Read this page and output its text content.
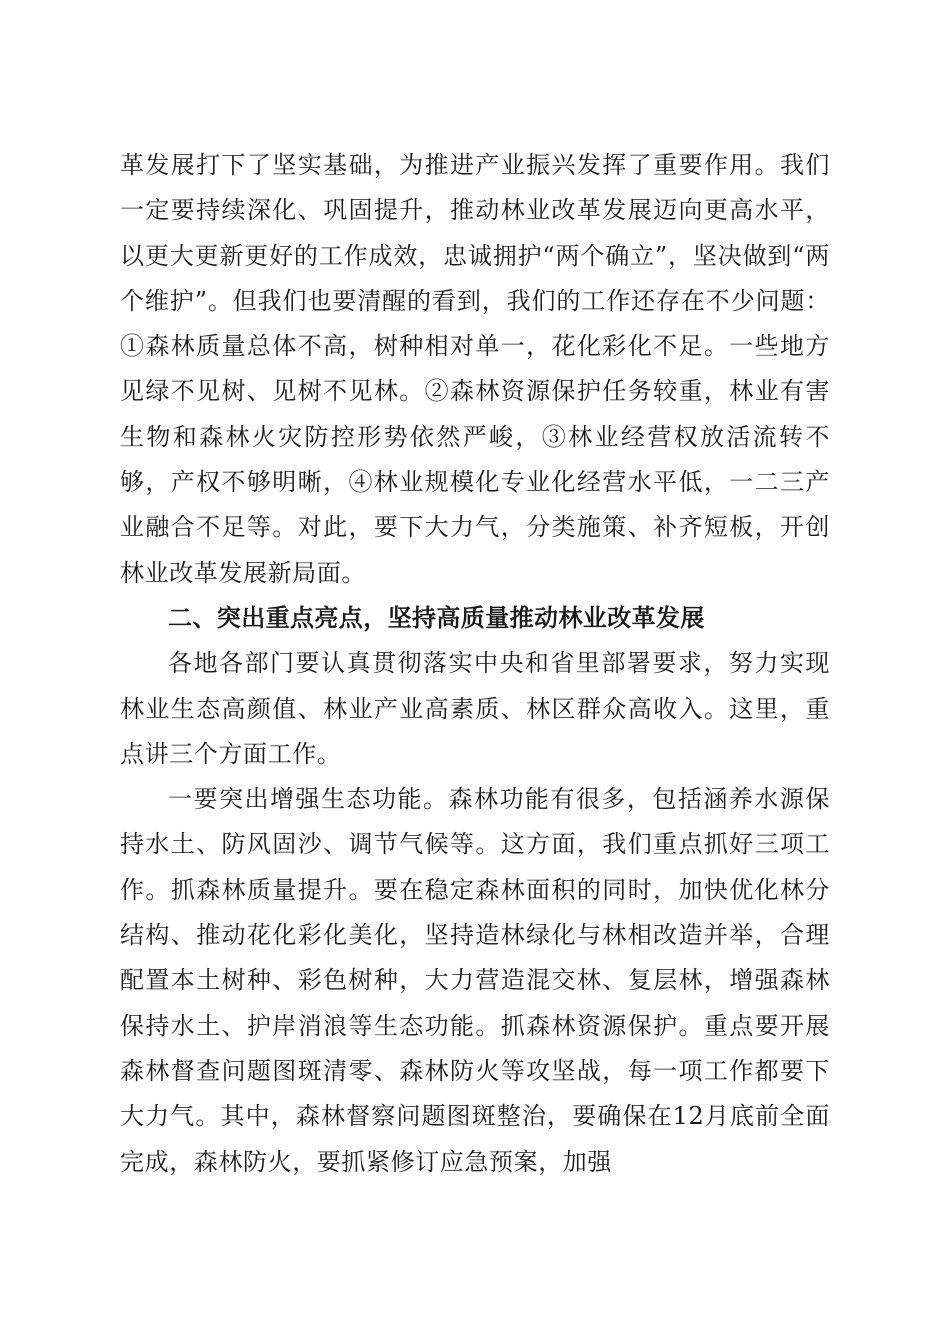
革发展打下了坚实基础，为推进产业振兴发挥了重要作用。我们一定要持续深化、巩固提升，推动林业改革发展迈向更高水平，以更大更新更好的工作成效，忠诚拥护“两个确立”，坚决做到“两个维护”。但我们也要清醒的看到，我们的工作还存在不少问题：①森林质量总体不高，树种相对单一，花化彩化不足。一些地方见绿不见树、见树不见林。②森林资源保护任务较重，林业有害生物和森林火灾防控形势依然严峻，③林业经营权放活流转不够，产权不够明晰，④林业规模化专业化经营水平低，一二三产业融合不足等。对此，要下大力气，分类施策、补齐短板，开创林业改革发展新局面。

二、突出重点亮点，坚持高质量推动林业改革发展

各地各部门要认真贯彻落实中央和省里部署要求，努力实现林业生态高颜值、林业产业高素质、林区群众高收入。这里，重点讲三个方面工作。

一要突出增强生态功能。森林功能有很多，包括涵养水源保持水土、防风固沙、调节气候等。这方面，我们重点抓好三项工作。抓森林质量提升。要在稳定森林面积的同时，加快优化林分结构、推动花化彩化美化，坚持造林绿化与林相改造并举，合理配置本土树种、彩色树种，大力营造混交林、复层林，增强森林保持水土、护岸消浪等生态功能。抓森林资源保护。重点要开展森林督查问题图斑清零、森林防火等攻坚战，每一项工作都要下大力气。其中，森林督察问题图斑整治，要确保在12月底前全面完成，森林防火，要抓紧修订应急预案，加强
